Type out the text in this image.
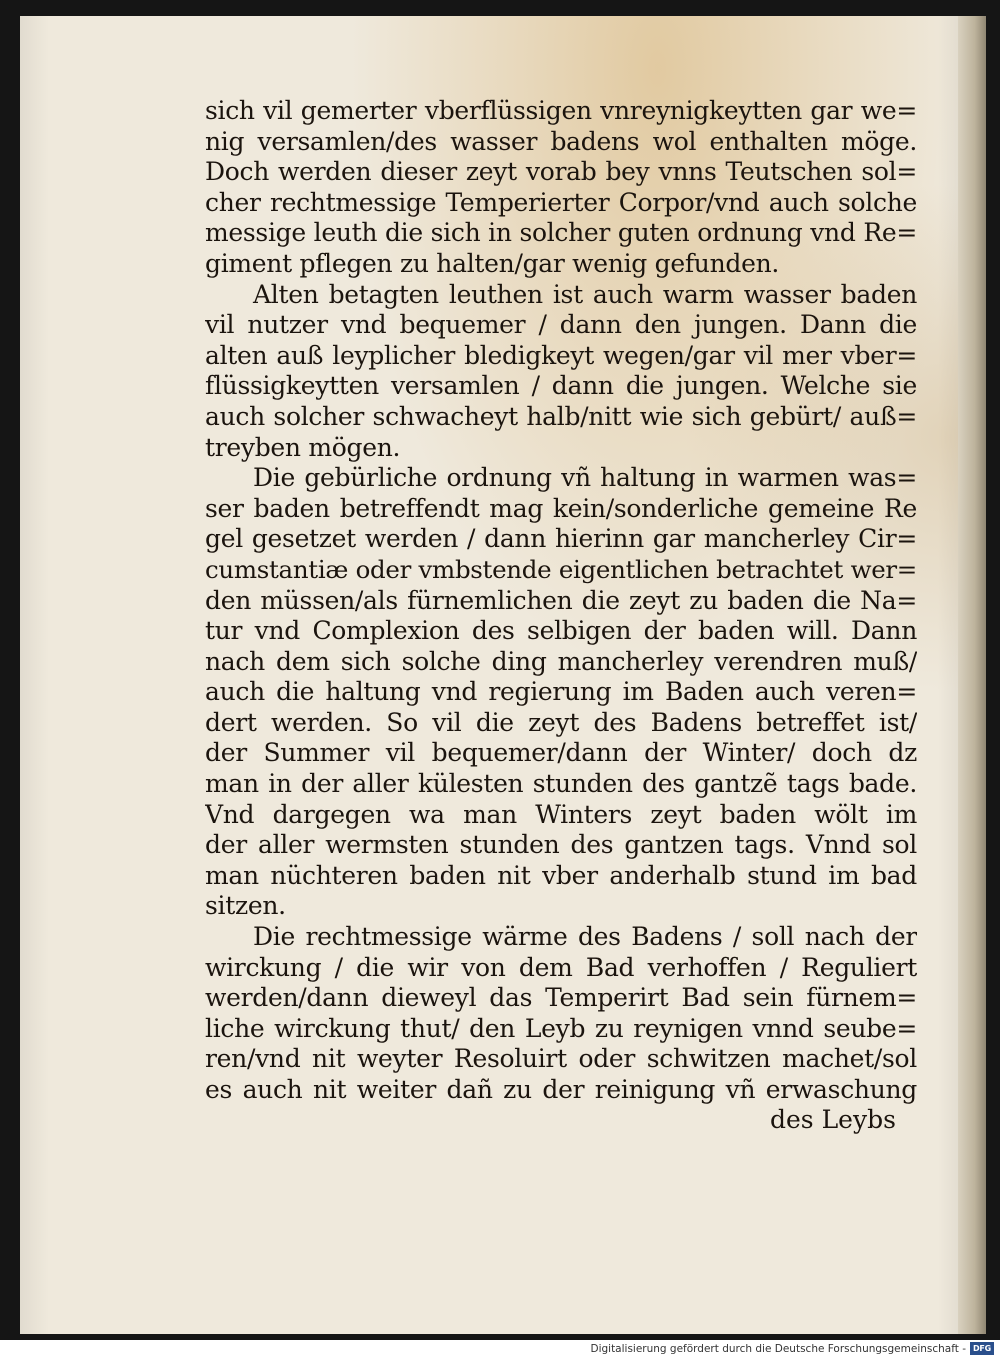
sich vil gemerter vberflüssigen vnreynigkeytten gar we=
nig versamlen/des wasser badens wol enthalten möge.
Doch werden dieser zeyt vorab bey vnns Teutschen sol=
cher rechtmessige Temperierter Corpor/vnd auch solche
messige leuth die sich in solcher guten ordnung vnd Re=
giment pflegen zu halten/gar wenig gefunden.
Alten betagten leuthen ist auch warm wasser baden
vil nutzer vnd bequemer / dann den jungen. Dann die
alten auß leyplicher bledigkeyt wegen/gar vil mer vber=
flüssigkeytten versamlen / dann die jungen. Welche sie
auch solcher schwacheyt halb/nitt wie sich gebürt/ auß=
treyben mögen.
Die gebürliche ordnung vñ haltung in warmen was=
ser baden betreffendt mag kein/sonderliche gemeine Re
gel gesetzet werden / dann hierinn gar mancherley Cir=
cumstantiæ oder vmbstende eigentlichen betrachtet wer=
den müssen/als fürnemlichen die zeyt zu baden die Na=
tur vnd Complexion des selbigen der baden will. Dann
nach dem sich solche ding mancherley verendren muß/
auch die haltung vnd regierung im Baden auch veren=
dert werden. So vil die zeyt des Badens betreffet ist/
der Summer vil bequemer/dann der Winter/ doch dz
man in der aller külesten stunden des gantzẽ tags bade.
Vnd dargegen wa man Winters zeyt baden wölt im
der aller wermsten stunden des gantzen tags. Vnnd sol
man nüchteren baden nit vber anderhalb stund im bad
sitzen.
Die rechtmessige wärme des Badens / soll nach der
wirckung / die wir von dem Bad verhoffen / Reguliert
werden/dann dieweyl das Temperirt Bad sein fürnem=
liche wirckung thut/ den Leyb zu reynigen vnnd seube=
ren/vnd nit weyter Resoluirt oder schwitzen machet/sol
es auch nit weiter dañ zu der reinigung vñ erwaschung
des Leybs
Digitalisierung gefördert durch die Deutsche Forschungsgemeinschaft - DFG
